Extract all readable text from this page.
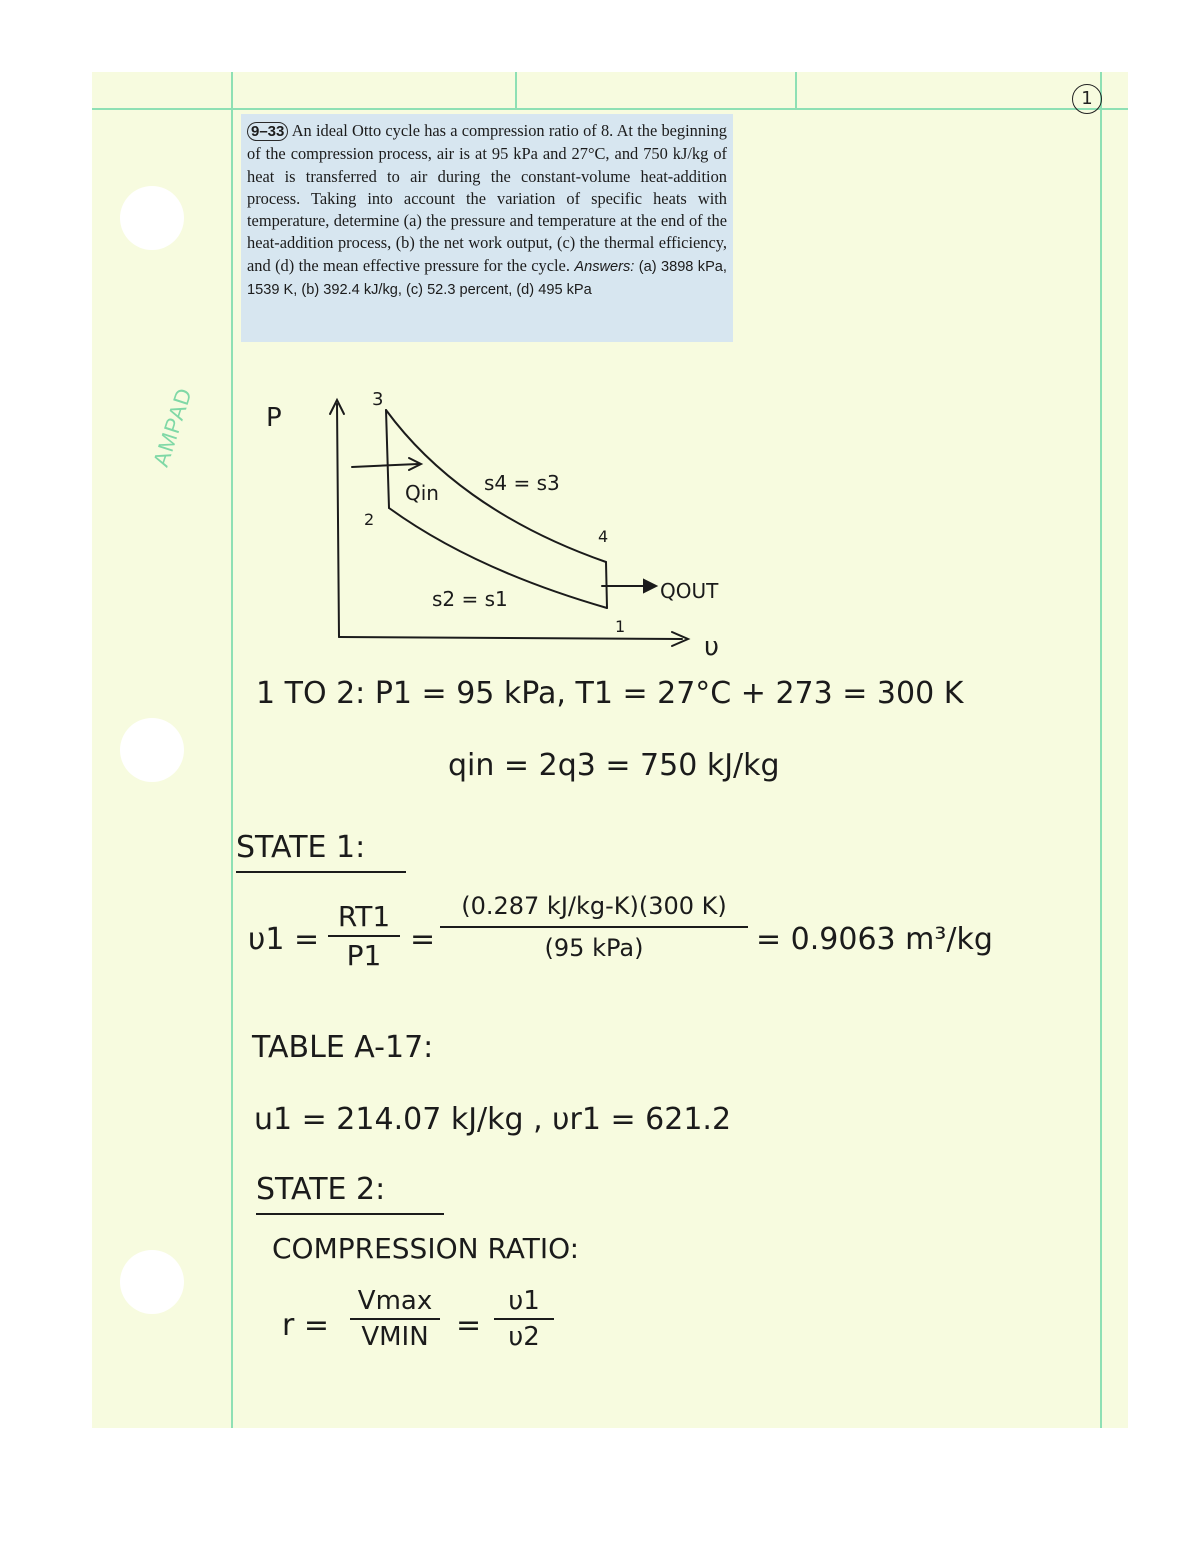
1
AMPAD
9–33 An ideal Otto cycle has a compression ratio of 8. At the beginning of the compression process, air is at 95 kPa and 27°C, and 750 kJ/kg of heat is transferred to air during the constant-volume heat-addition process. Taking into account the variation of specific heats with temperature, determine (a) the pressure and temperature at the end of the heat-addition process, (b) the net work output, (c) the thermal efficiency, and (d) the mean effective pressure for the cycle. Answers: (a) 3898 kPa, 1539 K, (b) 392.4 kJ/kg, (c) 52.3 percent, (d) 495 kPa
P
υ
3
2
4
1
Qin
QOUT
s4 = s3
s2 = s1
1 TO 2: P1 = 95 kPa, T1 = 27°C + 273 = 300 K
qin = 2q3 = 750 kJ/kg
STATE 1:
$\upsilon 1 = \frac{RT1}{P1}$ =
(0.287 kJ/kg-K)(300 K)
(95 kPa)	= 0.9063 m³/kg
TABLE A-17:
u1 = 214.07 kJ/kg , υr1 = 621.2
STATE 2:
COMPRESSION RATIO:
r =
Vmax
VMIN = $\frac{\upsilon 1}{\upsilon 2}$
